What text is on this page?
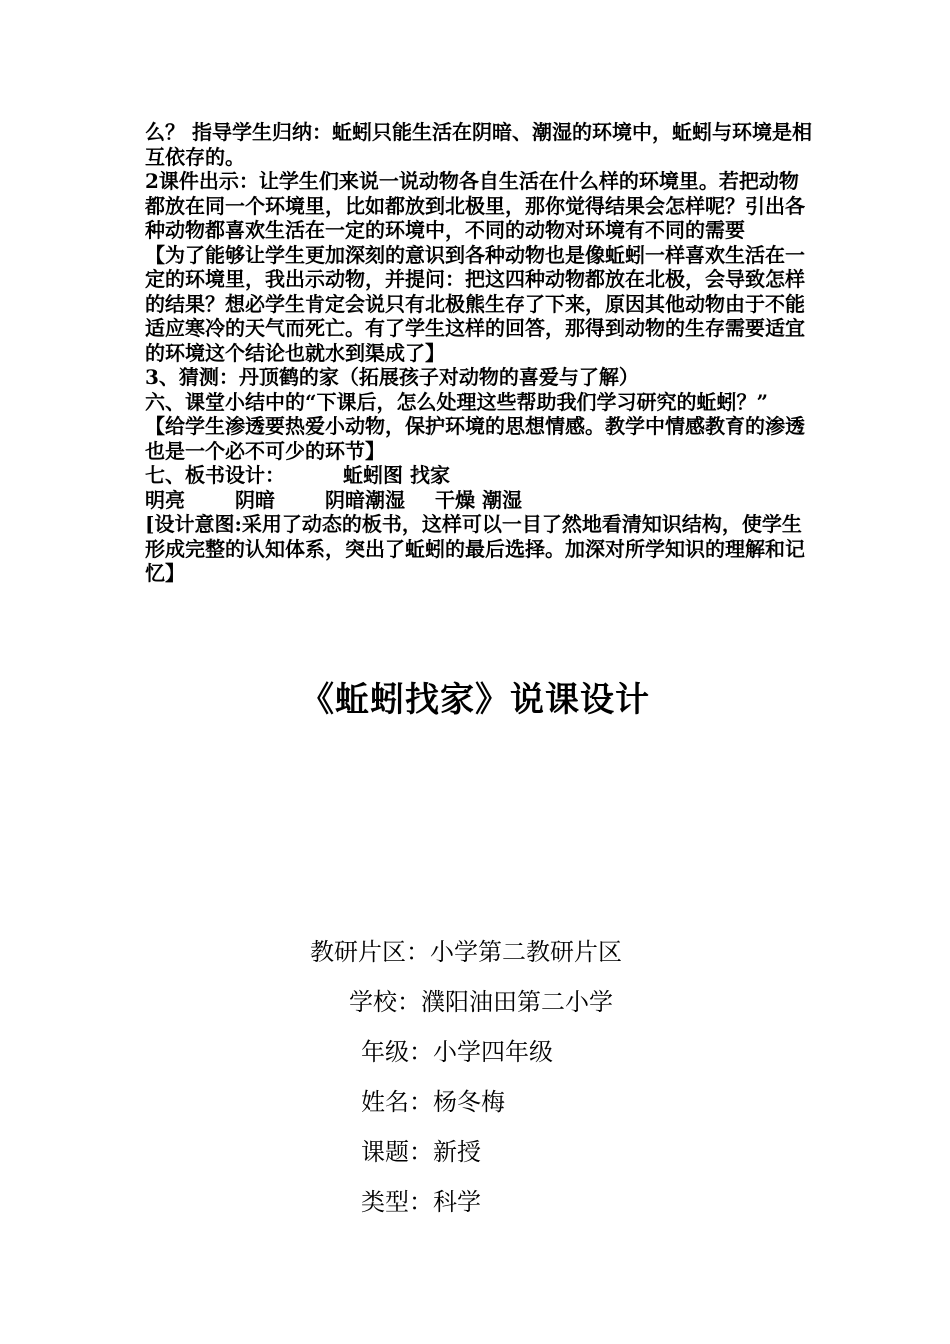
么？ 指导学生归纳：蚯蚓只能生活在阴暗、潮湿的环境中，蚯蚓与环境是相互依存的。

2课件出示：让学生们来说一说动物各自生活在什么样的环境里。若把动物都放在同一个环境里，比如都放到北极里，那你觉得结果会怎样呢？引出各种动物都喜欢生活在一定的环境中，不同的动物对环境有不同的需要

【为了能够让学生更加深刻的意识到各种动物也是像蚯蚓一样喜欢生活在一定的环境里，我出示动物，并提问：把这四种动物都放在北极，会导致怎样的结果？想必学生肯定会说只有北极熊生存了下来，原因其他动物由于不能适应寒冷的天气而死亡。有了学生这样的回答，那得到动物的生存需要适宜的环境这个结论也就水到渠成了】

3、猜测：丹顶鹤的家（拓展孩子对动物的喜爱与了解）

六、课堂小结中的“下课后，怎么处理这些帮助我们学习研究的蚯蚓？”

【给学生渗透要热爱小动物，保护环境的思想情感。教学中情感教育的渗透也是一个必不可少的环节】

七、板书设计：	蚯蚓图 找家

明亮	阴暗	阴暗潮湿 干燥 潮湿

[设计意图:采用了动态的板书，这样可以一目了然地看清知识结构，使学生形成完整的认知体系，突出了蚯蚓的最后选择。加深对所学知识的理解和记忆】

《蚯蚓找家》说课设计
教研片区：小学第二教研片区
学校：濮阳油田第二小学
年级：小学四年级
姓名：杨冬梅
课题：新授
类型：科学
